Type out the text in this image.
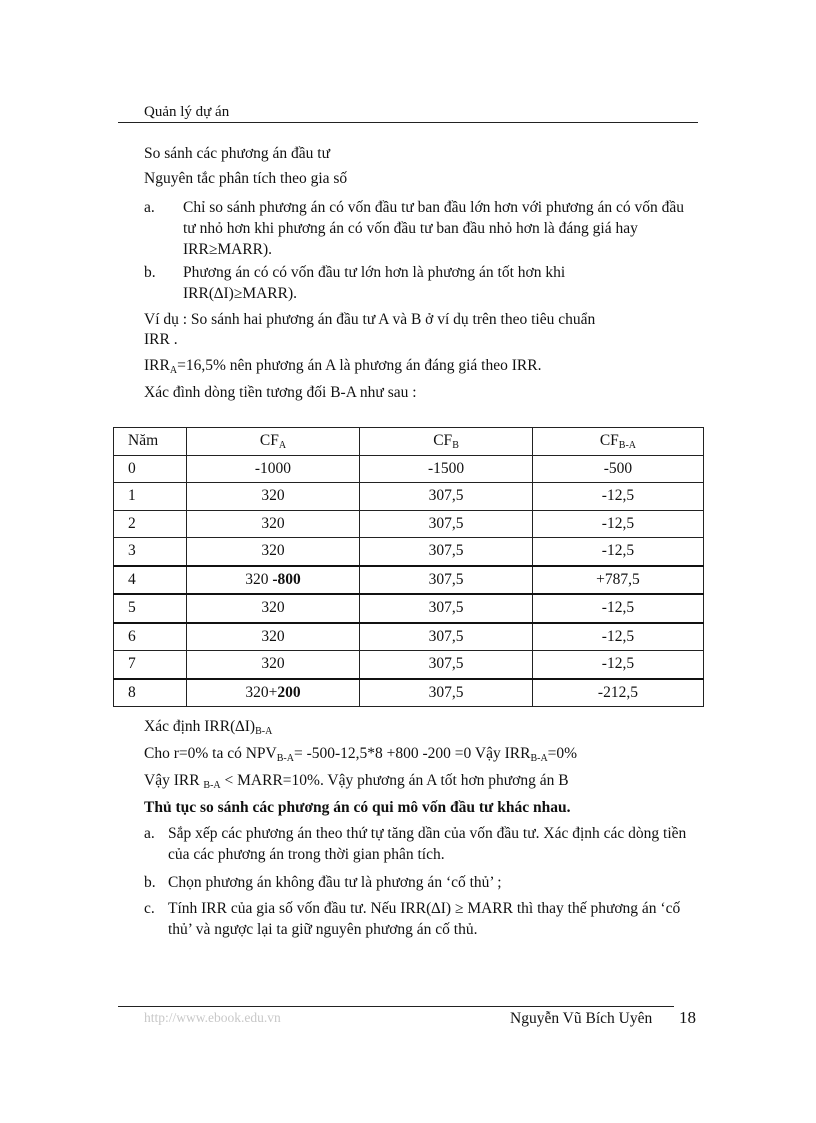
Quản lý dự án

So sánh các phương án đầu tư

Nguyên tắc phân tích theo gia số

a. Chỉ so sánh phương án có vốn đầu tư ban đầu lớn hơn với phương án có vốn đầu tư nhỏ hơn khi phương án có vốn đầu tư ban đầu nhỏ hơn là đáng giá hay IRR≥MARR).
b. Phương án có có vốn đầu tư lớn hơn là phương án tốt hơn khi IRR(∆I)≥MARR).

Ví dụ : So sánh hai phương án đầu tư A và B ở ví dụ trên theo tiêu chuẩn

IRR .

$IRR_A=16,5\%$ nên phương án A là phương án đáng giá theo IRR.

Xác đình dòng tiền tương đối B-A như sau :

Năm	$CF_A$	$CF_B$	$CF_{B-A}$
0	-1000	-1500	-500
1	320	307,5	-12,5
2	320	307,5	-12,5
3	320	307,5	-12,5
4	320 -800	307,5	+787,5
5	320	307,5	-12,5
6	320	307,5	-12,5
7	320	307,5	-12,5
8	320+200	307,5	-212,5

Xác định $IRR(\Delta I)_{B-A}$

Cho r=0% ta có $NPV_{B-A}= -500-12,5*8 +800$ -200 =0 Vậy $IRR_{B-A}=0\%$

Vậy IRR $_{B-A}$ < MARR=10%. Vậy phương án A tốt hơn phương án B

Thủ tục so sánh các phương án có qui mô vốn đầu tư khác nhau.

a. Sắp xếp các phương án theo thứ tự tăng dần của vốn đầu tư. Xác định các dòng tiền của các phương án trong thời gian phân tích.
b. Chọn phương án không đầu tư là phương án ‘cố thủ’ ;
c. Tính IRR của gia số vốn đầu tư. Nếu IRR(∆I) ≥ MARR thì thay thế phương án ‘cố thủ’ và ngược lại ta giữ nguyên phương án cố thủ.
http://www.ebook.edu.vn	Nguyễn Vũ Bích Uyên 18
